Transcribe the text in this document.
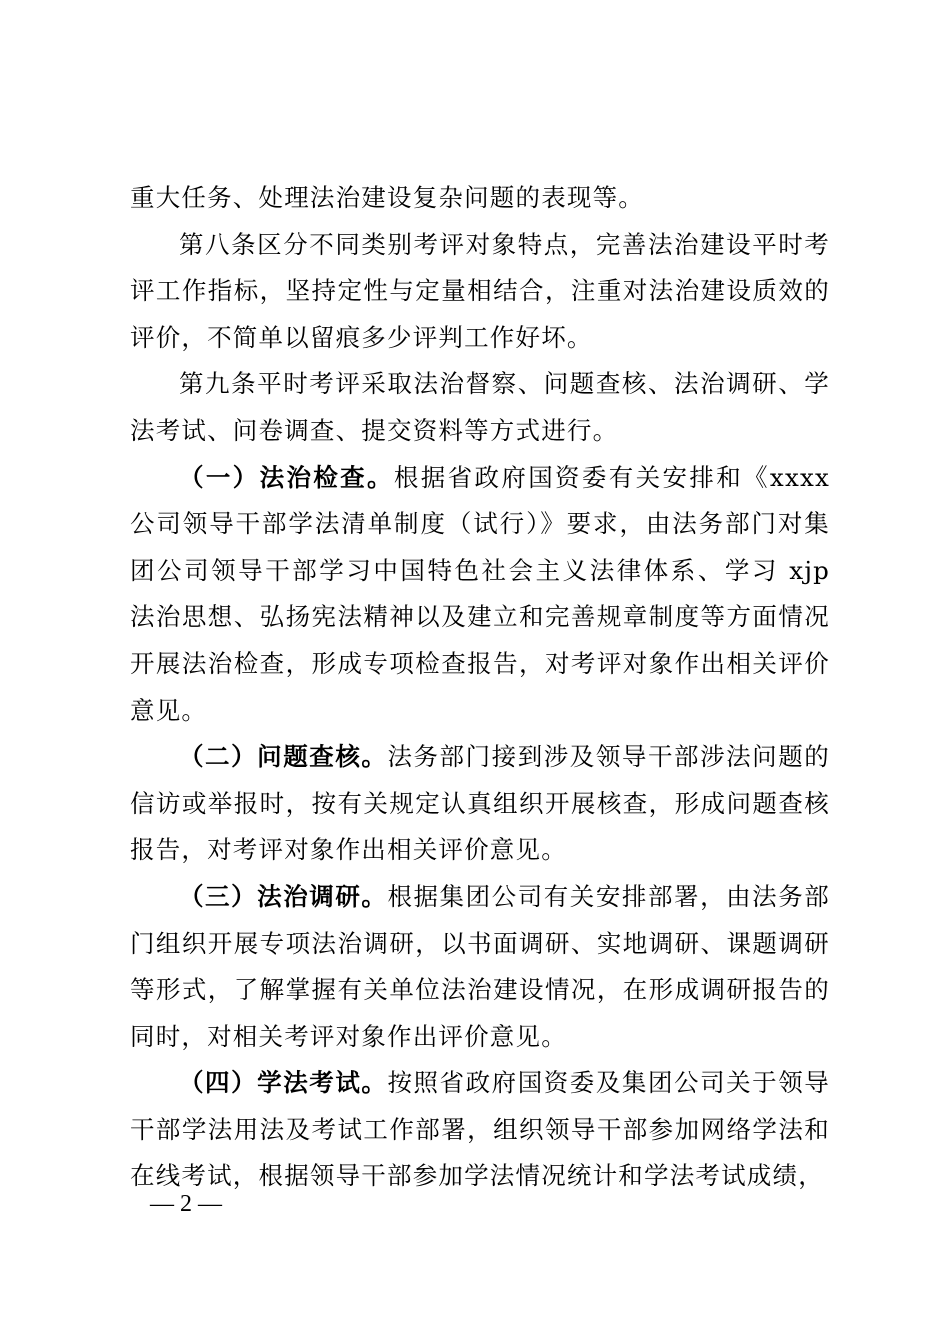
重大任务、处理法治建设复杂问题的表现等。

第八条区分不同类别考评对象特点，完善法治建设平时考评工作指标，坚持定性与定量相结合，注重对法治建设质效的评价，不简单以留痕多少评判工作好坏。

第九条平时考评采取法治督察、问题查核、法治调研、学法考试、问卷调查、提交资料等方式进行。

（一）法治检查。根据省政府国资委有关安排和《xxxx 公司领导干部学法清单制度（试行）》要求，由法务部门对集团公司领导干部学习中国特色社会主义法律体系、学习 xjp 法治思想、弘扬宪法精神以及建立和完善规章制度等方面情况开展法治检查，形成专项检查报告，对考评对象作出相关评价意见。

（二）问题查核。法务部门接到涉及领导干部涉法问题的信访或举报时，按有关规定认真组织开展核查，形成问题查核报告，对考评对象作出相关评价意见。

（三）法治调研。根据集团公司有关安排部署，由法务部门组织开展专项法治调研，以书面调研、实地调研、课题调研等形式，了解掌握有关单位法治建设情况，在形成调研报告的同时，对相关考评对象作出评价意见。

（四）学法考试。按照省政府国资委及集团公司关于领导干部学法用法及考试工作部署，组织领导干部参加网络学法和在线考试，根据领导干部参加学法情况统计和学法考试成绩，

— 2 —
